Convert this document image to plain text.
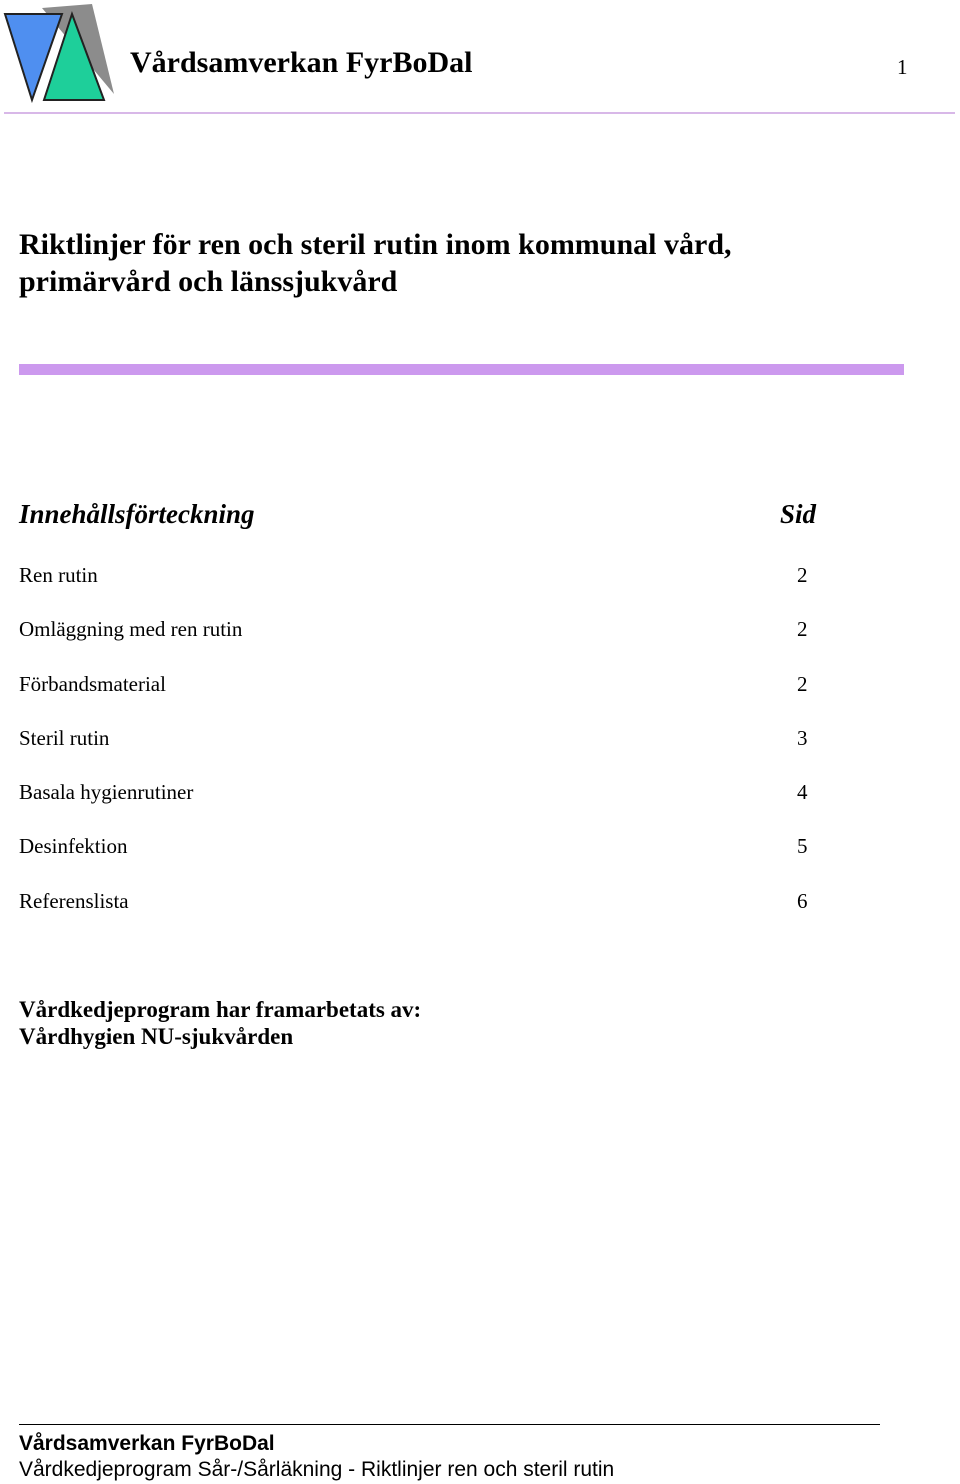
Vårdsamverkan FyrBoDal	1
Riktlinjer för ren och steril rutin inom kommunal vård,
primärvård och länssjukvård
Innehållsförteckning	Sid
Ren rutin	2
Omläggning med ren rutin	2
Förbandsmaterial	2
Steril rutin	3
Basala hygienrutiner	4
Desinfektion	5
Referenslista	6
Vårdkedjeprogram har framarbetats av:
Vårdhygien NU-sjukvården
Vårdsamverkan FyrBoDal
Vårdkedjeprogram Sår-/Sårläkning - Riktlinjer ren och steril rutin
